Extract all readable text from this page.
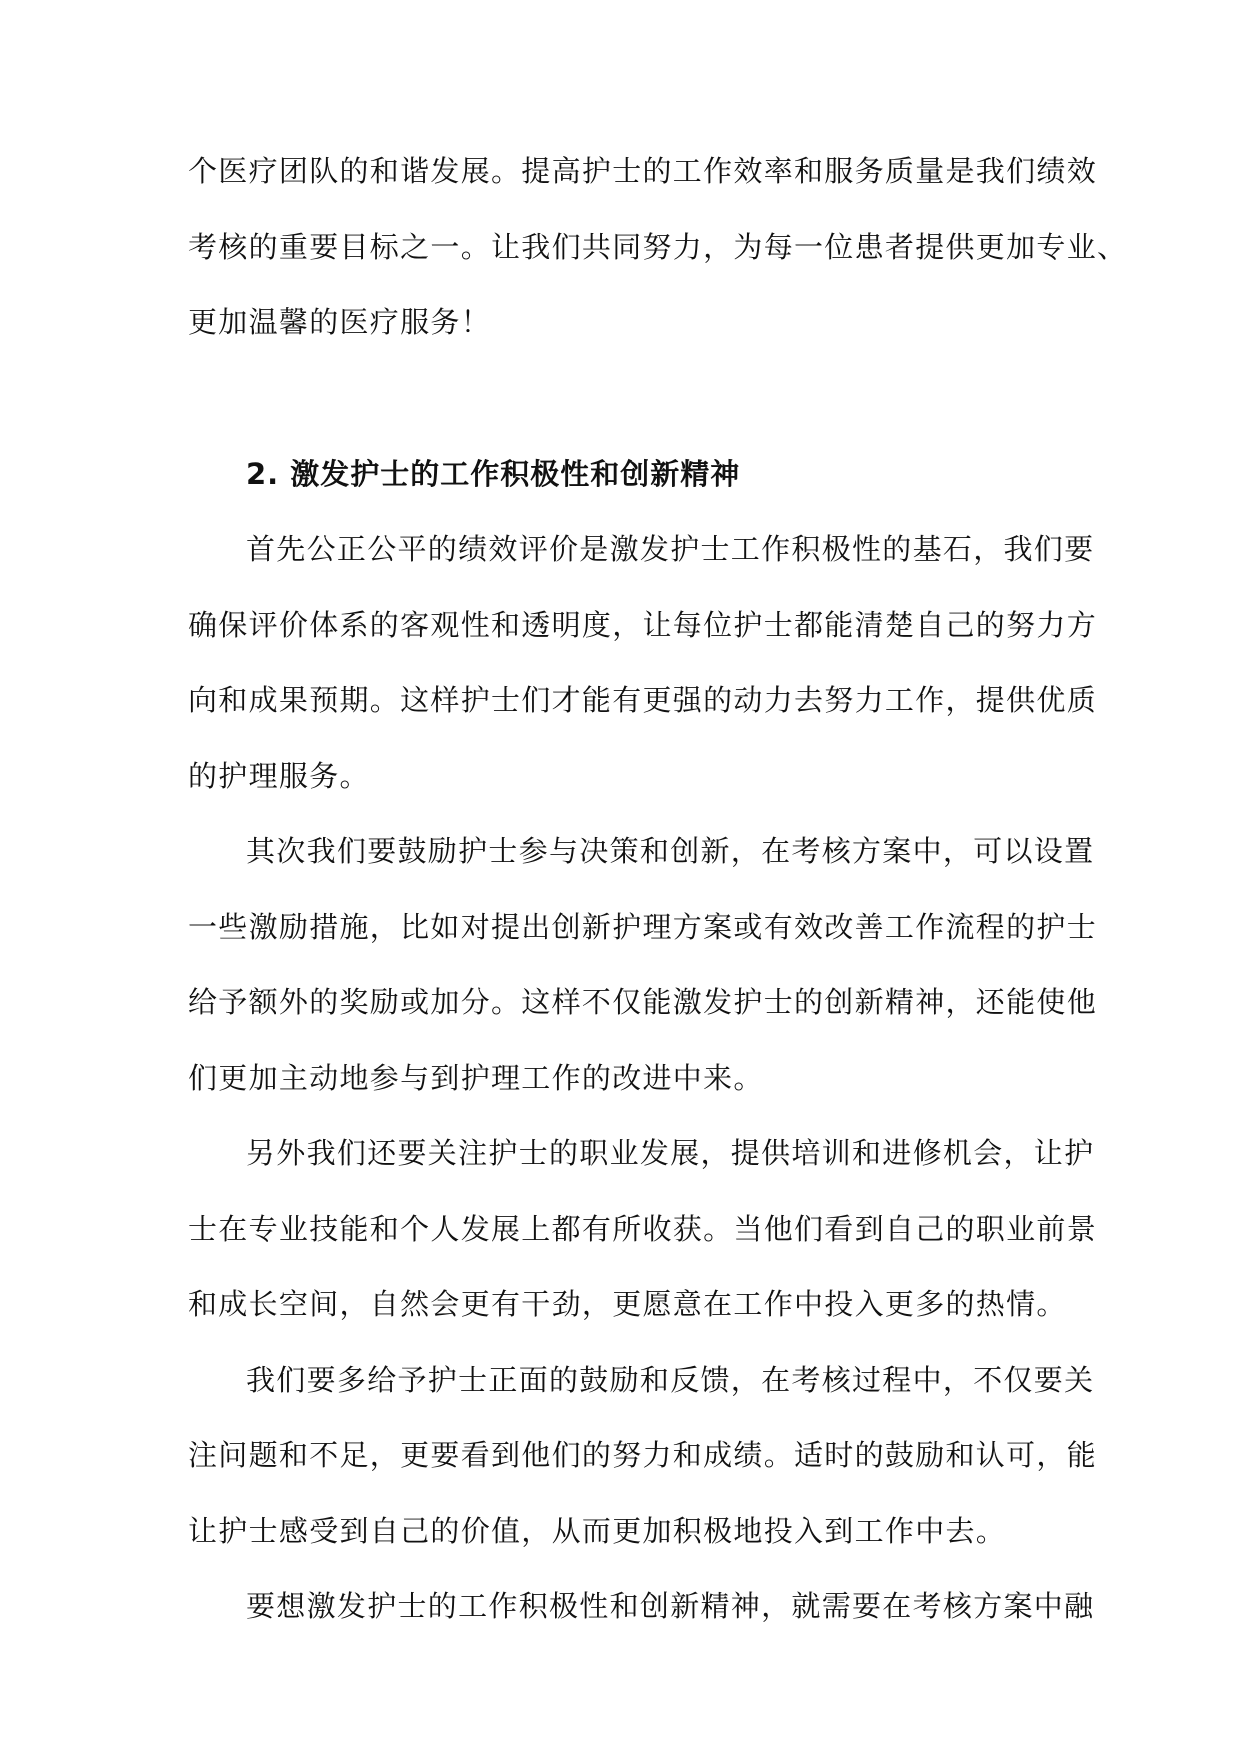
个医疗团队的和谐发展。提高护士的工作效率和服务质量是我们绩效
考核的重要目标之一。让我们共同努力，为每一位患者提供更加专业、
更加温馨的医疗服务！
2. 激发护士的工作积极性和创新精神
首先公正公平的绩效评价是激发护士工作积极性的基石，我们要
确保评价体系的客观性和透明度，让每位护士都能清楚自己的努力方
向和成果预期。这样护士们才能有更强的动力去努力工作，提供优质
的护理服务。
其次我们要鼓励护士参与决策和创新，在考核方案中，可以设置
一些激励措施，比如对提出创新护理方案或有效改善工作流程的护士
给予额外的奖励或加分。这样不仅能激发护士的创新精神，还能使他
们更加主动地参与到护理工作的改进中来。
另外我们还要关注护士的职业发展，提供培训和进修机会，让护
士在专业技能和个人发展上都有所收获。当他们看到自己的职业前景
和成长空间，自然会更有干劲，更愿意在工作中投入更多的热情。
我们要多给予护士正面的鼓励和反馈，在考核过程中，不仅要关
注问题和不足，更要看到他们的努力和成绩。适时的鼓励和认可，能
让护士感受到自己的价值，从而更加积极地投入到工作中去。
要想激发护士的工作积极性和创新精神，就需要在考核方案中融
